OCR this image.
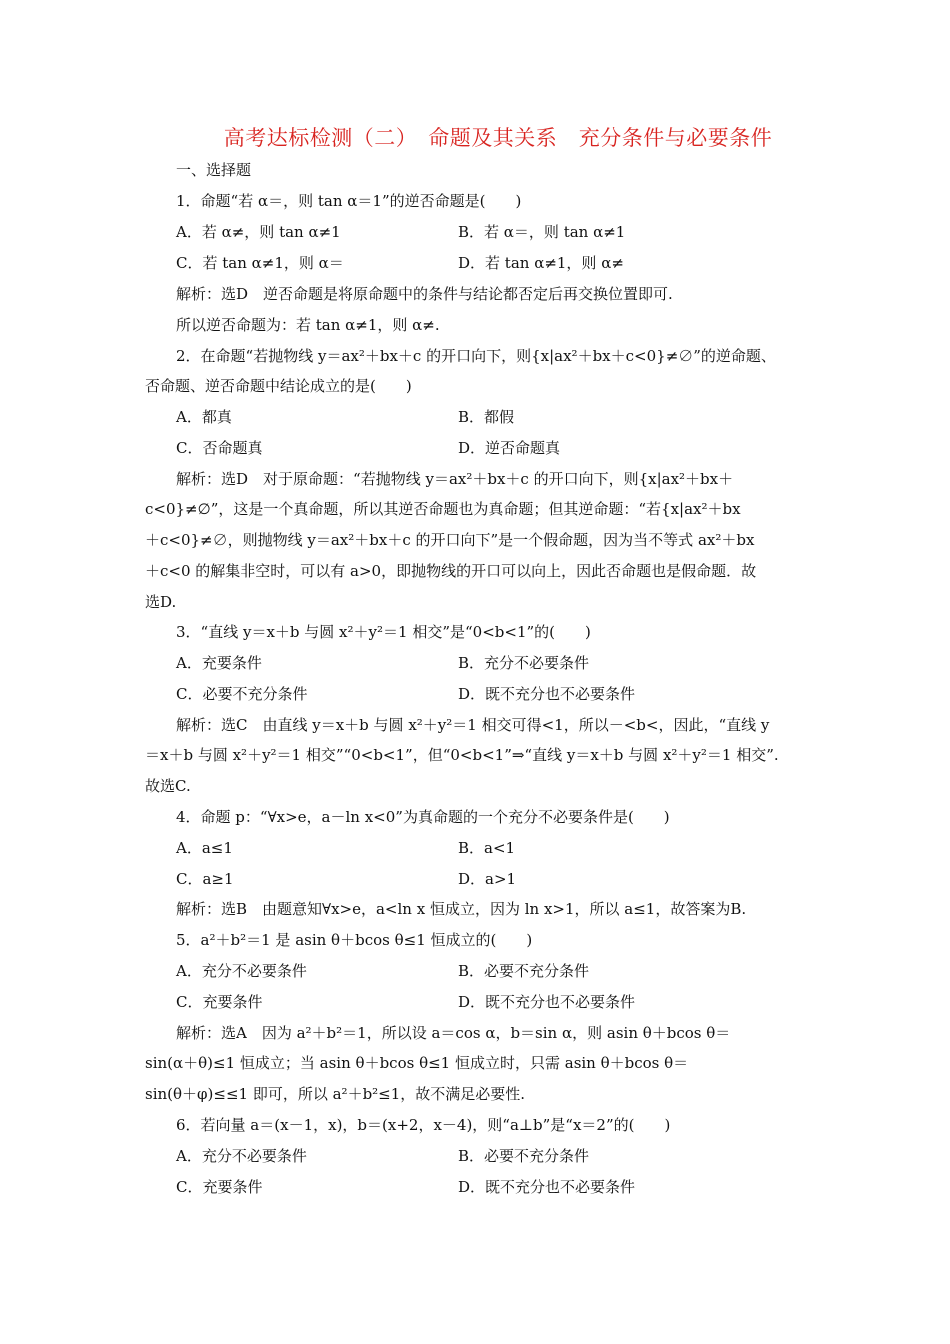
高考达标检测（二）　命题及其关系　充分条件与必要条件
一、选择题
1．命题“若 α＝，则 tan α＝1”的逆否命题是(　　)
A．若 α≠，则 tan α≠1	B．若 α＝，则 tan α≠1
C．若 tan α≠1，则 α＝	D．若 tan α≠1，则 α≠
解析：选D　逆否命题是将原命题中的条件与结论都否定后再交换位置即可.
所以逆否命题为：若 tan α≠1，则 α≠.
2．在命题“若抛物线 y＝ax²＋bx＋c 的开口向下，则{x|ax²＋bx＋c<0}≠∅”的逆命题、
否命题、逆否命题中结论成立的是(　　)
A．都真	B．都假
C．否命题真	D．逆否命题真
解析：选D　对于原命题：“若抛物线 y＝ax²＋bx＋c 的开口向下，则{x|ax²＋bx＋
c<0}≠∅”，这是一个真命题，所以其逆否命题也为真命题；但其逆命题：“若{x|ax²＋bx
＋c<0}≠∅，则抛物线 y＝ax²＋bx＋c 的开口向下”是一个假命题，因为当不等式 ax²＋bx
＋c<0 的解集非空时，可以有 a>0，即抛物线的开口可以向上，因此否命题也是假命题．故
选D.
3．“直线 y＝x＋b 与圆 x²＋y²＝1 相交”是“0<b<1”的(　　)
A．充要条件	B．充分不必要条件
C．必要不充分条件	D．既不充分也不必要条件
解析：选C　由直线 y＝x＋b 与圆 x²＋y²＝1 相交可得<1，所以－<b<，因此，“直线 y
＝x＋b 与圆 x²＋y²＝1 相交”“0<b<1”，但“0<b<1”⇒“直线 y＝x＋b 与圆 x²＋y²＝1 相交”.
故选C.
4．命题 p：“∀x>e，a－ln x<0”为真命题的一个充分不必要条件是(　　)
A．a≤1	B．a<1
C．a≥1	D．a>1
解析：选B　由题意知∀x>e，a<ln x 恒成立，因为 ln x>1，所以 a≤1，故答案为B.
5．a²＋b²＝1 是 asin θ＋bcos θ≤1 恒成立的(　　)
A．充分不必要条件	B．必要不充分条件
C．充要条件	D．既不充分也不必要条件
解析：选A　因为 a²＋b²＝1，所以设 a＝cos α，b＝sin α，则 asin θ＋bcos θ＝
sin(α＋θ)≤1 恒成立；当 asin θ＋bcos θ≤1 恒成立时，只需 asin θ＋bcos θ＝
sin(θ＋φ)≤≤1 即可，所以 a²＋b²≤1，故不满足必要性.
6．若向量 a＝(x－1，x)，b＝(x+2，x－4)，则“a⊥b”是“x＝2”的(　　)
A．充分不必要条件	B．必要不充分条件
C．充要条件	D．既不充分也不必要条件
